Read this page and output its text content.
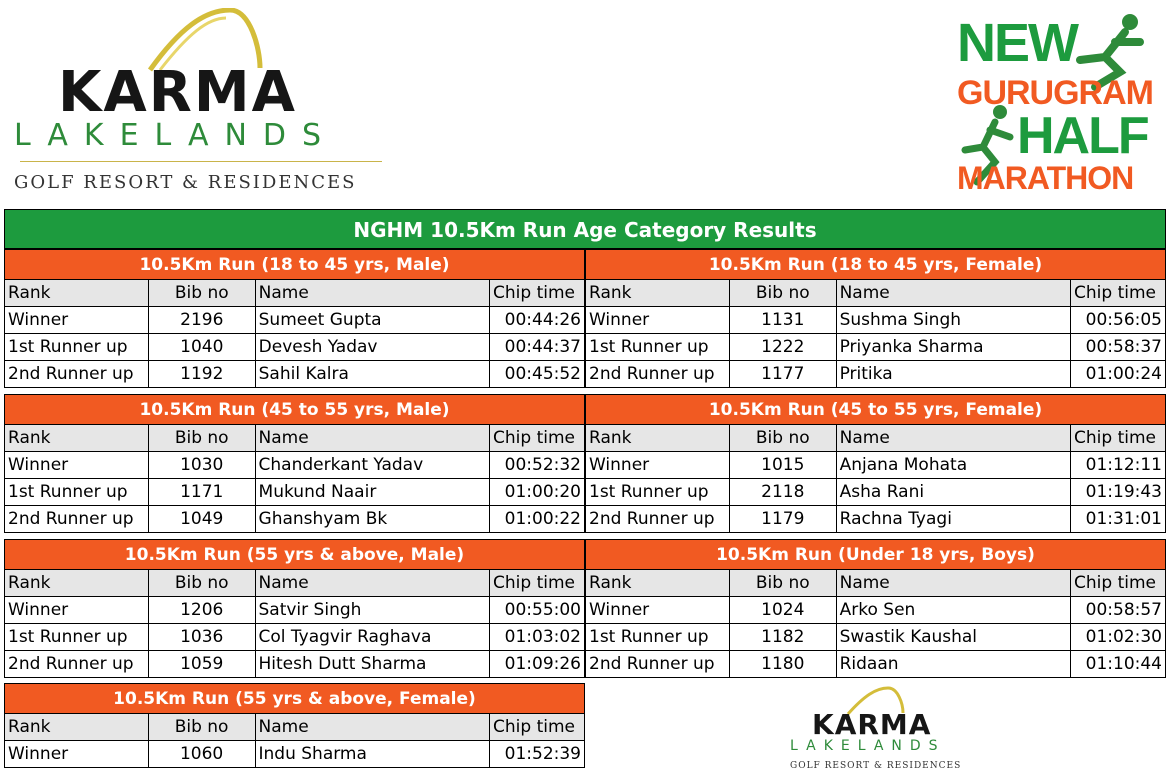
KARMA
LAKELANDS
GOLF RESORT & RESIDENCES
NEW
GURUGRAM
HALF
MARATHON
NGHM 10.5Km Run Age Category Results
10.5Km Run (18 to 45 yrs, Male)			
Rank	Bib no	Name	Chip time
Winner	2196	Sumeet Gupta	00:44:26
1st Runner up	1040	Devesh Yadav	00:44:37
2nd Runner up	1192	Sahil Kalra	00:45:52
10.5Km Run (18 to 45 yrs, Female)			
Rank	Bib no	Name	Chip time
Winner	1131	Sushma Singh	00:56:05
1st Runner up	1222	Priyanka Sharma	00:58:37
2nd Runner up	1177	Pritika	01:00:24
10.5Km Run (45 to 55 yrs, Male)			
Rank	Bib no	Name	Chip time
Winner	1030	Chanderkant Yadav	00:52:32
1st Runner up	1171	Mukund Naair	01:00:20
2nd Runner up	1049	Ghanshyam Bk	01:00:22
10.5Km Run (45 to 55 yrs, Female)			
Rank	Bib no	Name	Chip time
Winner	1015	Anjana Mohata	01:12:11
1st Runner up	2118	Asha Rani	01:19:43
2nd Runner up	1179	Rachna Tyagi	01:31:01
10.5Km Run (55 yrs & above, Male)			
Rank	Bib no	Name	Chip time
Winner	1206	Satvir Singh	00:55:00
1st Runner up	1036	Col Tyagvir Raghava	01:03:02
2nd Runner up	1059	Hitesh Dutt Sharma	01:09:26
10.5Km Run (Under 18 yrs, Boys)			
Rank	Bib no	Name	Chip time
Winner	1024	Arko Sen	00:58:57
1st Runner up	1182	Swastik Kaushal	01:02:30
2nd Runner up	1180	Ridaan	01:10:44
10.5Km Run (55 yrs & above, Female)			
Rank	Bib no	Name	Chip time
Winner	1060	Indu Sharma	01:52:39
KARMA
LAKELANDS
GOLF RESORT & RESIDENCES
